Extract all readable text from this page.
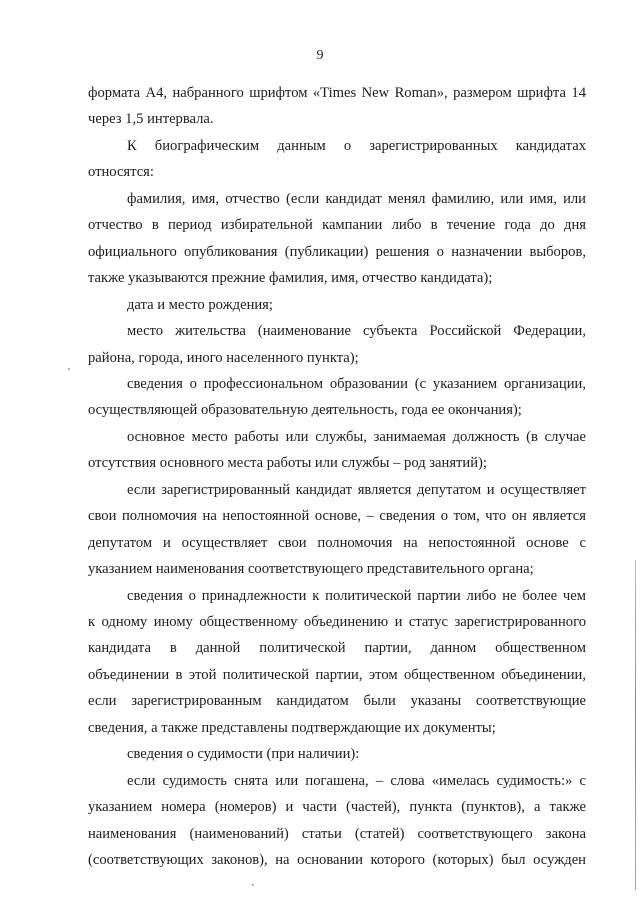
9
формата А4, набранного шрифтом «Times New Roman», размером шрифта 14
через 1,5 интервала.
К биографическим данным о зарегистрированных кандидатах
относятся:
фамилия, имя, отчество (если кандидат менял фамилию, или имя, или
отчество в период избирательной кампании либо в течение года до дня
официального опубликования (публикации) решения о назначении выборов,
также указываются прежние фамилия, имя, отчество кандидата);
дата и место рождения;
место жительства (наименование субъекта Российской Федерации,
района, города, иного населенного пункта);
сведения о профессиональном образовании (с указанием организации,
осуществляющей образовательную деятельность, года ее окончания);
основное место работы или службы, занимаемая должность (в случае
отсутствия основного места работы или службы – род занятий);
если зарегистрированный кандидат является депутатом и осуществляет
свои полномочия на непостоянной основе, – сведения о том, что он является
депутатом и осуществляет свои полномочия на непостоянной основе с
указанием наименования соответствующего представительного органа;
сведения о принадлежности к политической партии либо не более чем
к одному иному общественному объединению и статус зарегистрированного
кандидата в данной политической партии, данном общественном
объединении в этой политической партии, этом общественном объединении,
если зарегистрированным кандидатом были указаны соответствующие
сведения, а также представлены подтверждающие их документы;
сведения о судимости (при наличии):
если судимость снята или погашена, – слова «имелась судимость:» с
указанием номера (номеров) и части (частей), пункта (пунктов), а также
наименования (наименований) статьи (статей) соответствующего закона
(соответствующих законов), на основании которого (которых) был осужден
